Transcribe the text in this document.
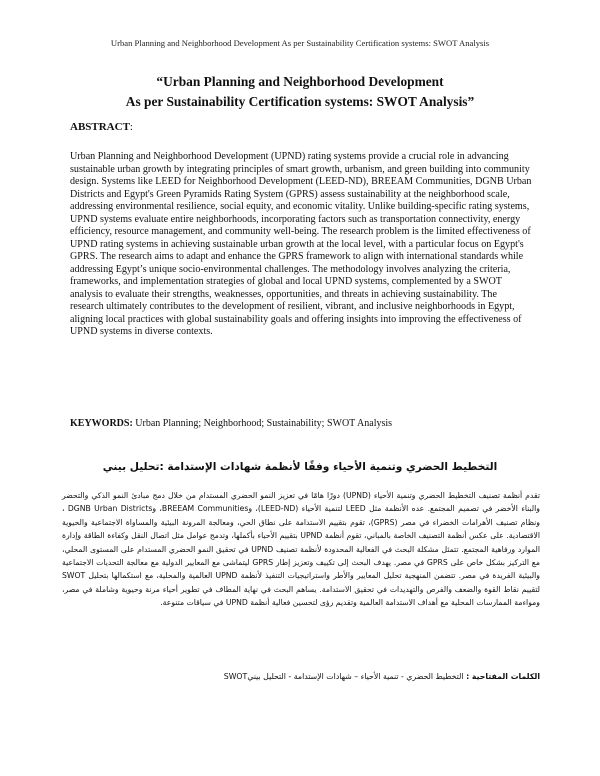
Urban Planning and Neighborhood Development As per Sustainability Certification systems: SWOT Analysis
“Urban Planning and Neighborhood Development
As per Sustainability Certification systems: SWOT Analysis”
ABSTRACT:

Urban Planning and Neighborhood Development (UPND) rating systems provide a crucial role in advancing sustainable urban growth by integrating principles of smart growth, urbanism, and green building into community design. Systems like LEED for Neighborhood Development (LEED-ND), BREEAM Communities, DGNB Urban Districts and Egypt's Green Pyramids Rating System (GPRS) assess sustainability at the neighborhood scale, addressing environmental resilience, social equity, and economic vitality. Unlike building-specific rating systems, UPND systems evaluate entire neighborhoods, incorporating factors such as transportation connectivity, energy efficiency, resource management, and community well-being. The research problem is the limited effectiveness of UPND rating systems in achieving sustainable urban growth at the local level, with a particular focus on Egypt's GPRS. The research aims to adapt and enhance the GPRS framework to align with international standards while addressing Egypt’s unique socio-environmental challenges. The methodology involves analyzing the criteria, frameworks, and implementation strategies of global and local UPND systems, complemented by a SWOT analysis to evaluate their strengths, weaknesses, opportunities, and threats in achieving sustainability. The research ultimately contributes to the development of resilient, vibrant, and inclusive neighborhoods in Egypt, aligning local practices with global sustainability goals and offering insights into improving the effectiveness of UPND systems in diverse contexts.

KEYWORDS: Urban Planning; Neighborhood; Sustainability; SWOT Analysis
التخطيط الحضري وتنمية الأحياء وفقًا لأنظمة شهادات الإستدامة :تحليل بيني

تقدم أنظمة تصنيف التخطيط الحضري وتنمية الأحياء (UPND) دورًا هامًا في تعزيز النمو الحضري المستدام من خلال دمج مبادئ النمو الذكي والتحضر والبناء الأخضر في تصميم المجتمع. عده الأنظمة مثل LEED لتنمية الأحياء (LEED-ND)، وBREEAM Communities، وDGNB Urban Districts ، ونظام تصنيف الأهرامات الخضراء في مصر (GPRS)، تقوم بتقييم الاستدامة على نطاق الحي، ومعالجة المرونة البيئية والمساواة الاجتماعية والحيوية الاقتصادية. على عكس أنظمة التصنيف الخاصة بالمباني، تقوم أنظمة UPND بتقييم الأحياء بأكملها، وتدمج عوامل مثل اتصال النقل وكفاءة الطاقة وإدارة الموارد ورفاهية المجتمع. تتمثل مشكلة البحث في الفعالية المحدودة لأنظمة تصنيف UPND في تحقيق النمو الحضري المستدام على المستوى المحلي، مع التركيز بشكل خاص على GPRS في مصر. يهدف البحث إلى تكييف وتعزيز إطار GPRS ليتماشى مع المعايير الدولية مع معالجة التحديات الاجتماعية والبيئية الفريدة في مصر. تتضمن المنهجية تحليل المعايير والأطر واستراتيجيات التنفيذ لأنظمة UPND العالمية والمحلية، مع استكمالها بتحليل SWOT لتقييم نقاط القوة والضعف والفرص والتهديدات في تحقيق الاستدامة. يساهم البحث في نهاية المطاف في تطوير أحياء مرنة وحيوية وشاملة في مصر، ومواءمة الممارسات المحلية مع أهداف الاستدامة العالمية وتقديم رؤى لتحسين فعالية أنظمة UPND في سياقات متنوعة.

الكلمات المفتاحية : التخطيط الحضري - تنمية الأحياء – شهادات الإستدامة - التحليل بينيSWOT
